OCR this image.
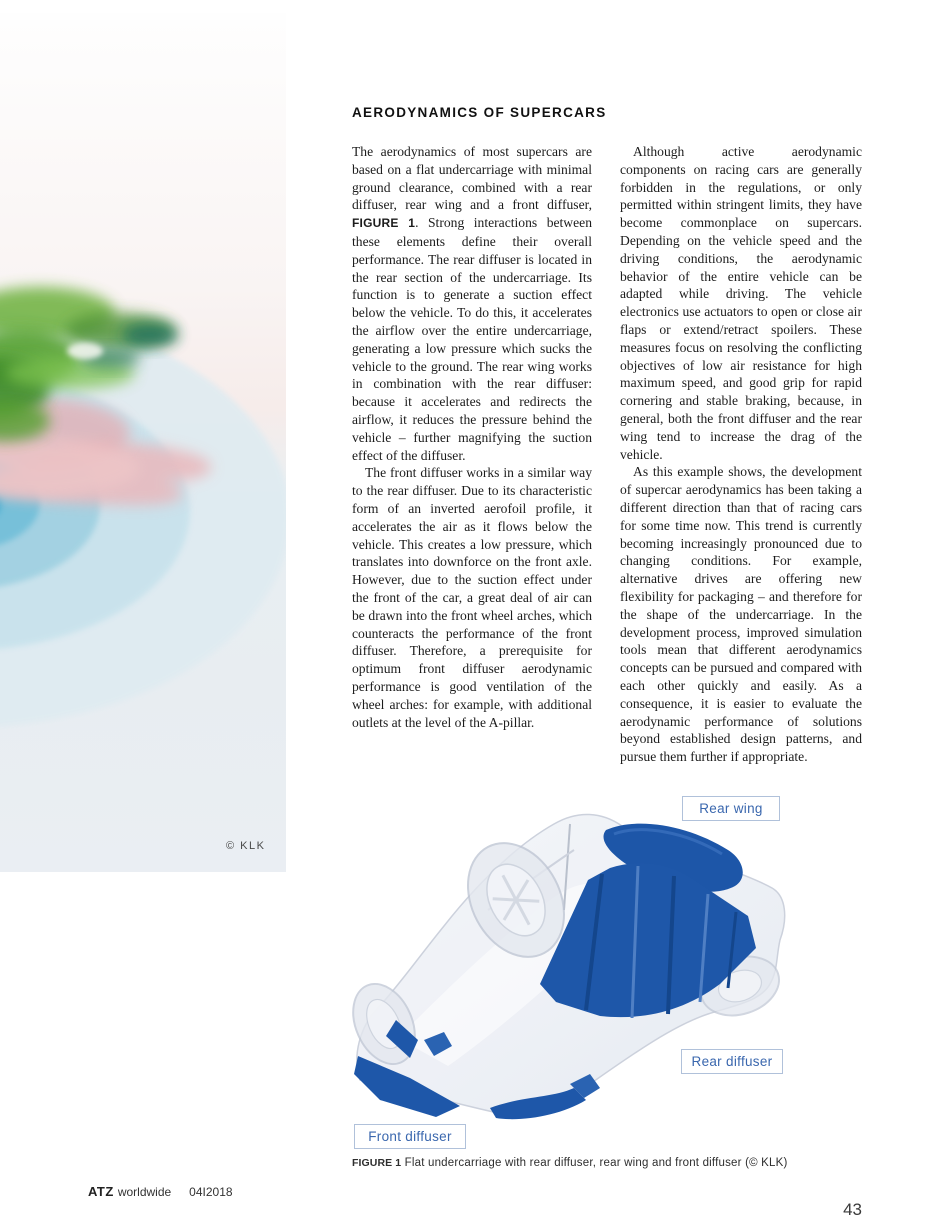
© KLK
AERODYNAMICS OF SUPERCARS

The aerodynamics of most supercars are based on a flat undercarriage with minimal ground clearance, combined with a rear diffuser, rear wing and a front diffuser, FIGURE 1. Strong interactions between these elements define their overall performance. The rear diffuser is located in the rear section of the undercarriage. Its function is to generate a suction effect below the vehicle. To do this, it accelerates the airflow over the entire undercarriage, generating a low pressure which sucks the vehicle to the ground. The rear wing works in combination with the rear diffuser: because it accelerates and redirects the airflow, it reduces the pressure behind the vehicle – further magnifying the suction effect of the diffuser.

The front diffuser works in a similar way to the rear diffuser. Due to its characteristic form of an inverted aerofoil profile, it accelerates the air as it flows below the vehicle. This creates a low pressure, which translates into downforce on the front axle. However, due to the suction effect under the front of the car, a great deal of air can be drawn into the front wheel arches, which counteracts the performance of the front diffuser. Therefore, a prerequisite for optimum front diffuser aerodynamic performance is good ventilation of the wheel arches: for example, with additional outlets at the level of the A-pillar.

Although active aerodynamic components on racing cars are generally forbidden in the regulations, or only permitted within stringent limits, they have become commonplace on supercars. Depending on the vehicle speed and the driving conditions, the aerodynamic behavior of the entire vehicle can be adapted while driving. The vehicle electronics use actuators to open or close air flaps or extend/retract spoilers. These measures focus on resolving the conflicting objectives of low air resistance for high maximum speed, and good grip for rapid cornering and stable braking, because, in general, both the front diffuser and the rear wing tend to increase the drag of the vehicle.

As this example shows, the development of supercar aerodynamics has been taking a different direction than that of racing cars for some time now. This trend is currently becoming increasingly pronounced due to changing conditions. For example, alternative drives are offering new flexibility for packaging – and therefore for the shape of the undercarriage. In the development process, improved simulation tools mean that different aerodynamics concepts can be pursued and compared with each other quickly and easily. As a consequence, it is easier to evaluate the aerodynamic performance of solutions beyond established design patterns, and pursue them further if appropriate.

Rear wing
Rear diffuser
Front diffuser
FIGURE 1 Flat undercarriage with rear diffuser, rear wing and front diffuser (© KLK)
ATZ worldwide 04I2018
43
